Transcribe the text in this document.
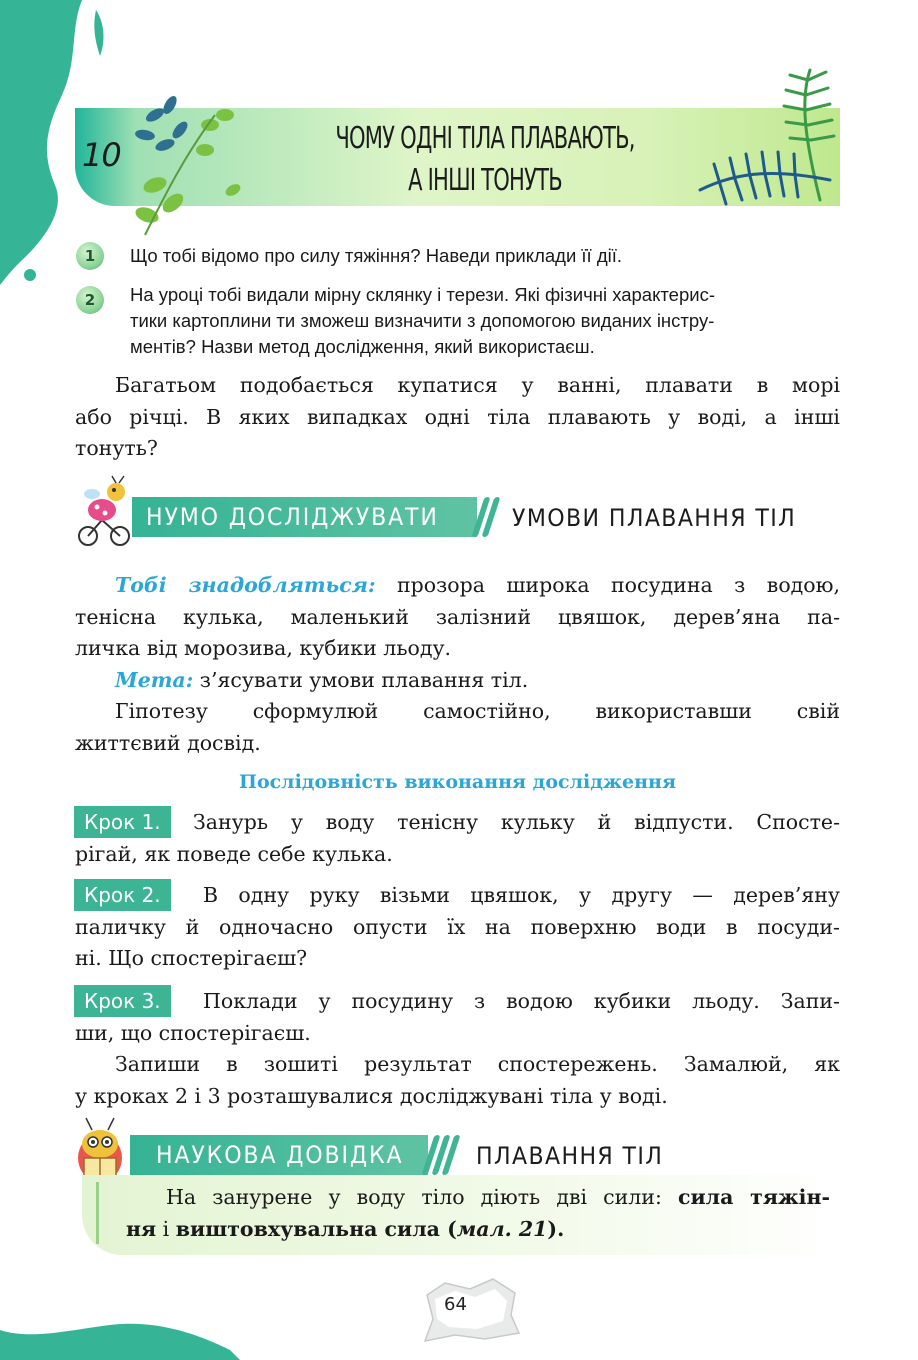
10	ЧОМУ ОДНІ ТІЛА ПЛАВАЮТЬ,
А ІНШІ ТОНУТЬ
1	Що тобі відомо про силу тяжіння? Наведи приклади її дії.
2	На уроці тобі видали мірну склянку і терези. Які фізичні характерис-
тики картоплини ти зможеш визначити з допомогою виданих інстру-
ментів? Назви метод дослідження, який використаєш.
Багатьом подобається купатися у ванні, плавати в морі
або річці. В яких випадках одні тіла плавають у воді, а інші
тонуть?
НУМО ДОСЛІДЖУВАТИ	УМОВИ ПЛАВАННЯ ТІЛ
Тобі знадобляться: прозора широка посудина з водою,
тенісна кулька, маленький залізний цвяшок, дерев’яна па-
личка від морозива, кубики льоду.
Мета: з’ясувати умови плавання тіл.
Гіпотезу сформулюй самостійно, використавши свій
життєвий досвід.
Послідовність виконання дослідження
Крок 1.	Занурь у воду тенісну кульку й відпусти. Спосте-
рігай, як поведе себе кулька.
Крок 2.	В одну руку візьми цвяшок, у другу — дерев’яну
паличку й одночасно опусти їх на поверхню води в посуди-
ні. Що спостерігаєш?
Крок 3.	Поклади у посудину з водою кубики льоду. Запи-
ши, що спостерігаєш.
Запиши в зошиті результат спостережень. Замалюй, як
у кроках 2 і 3 розташувалися досліджувані тіла у воді.
НАУКОВА ДОВІДКА	ПЛАВАННЯ ТІЛ
На занурене у воду тіло діють дві сили: сила тяжін-
ня і виштовхувальна сила (мал. 21).
64
